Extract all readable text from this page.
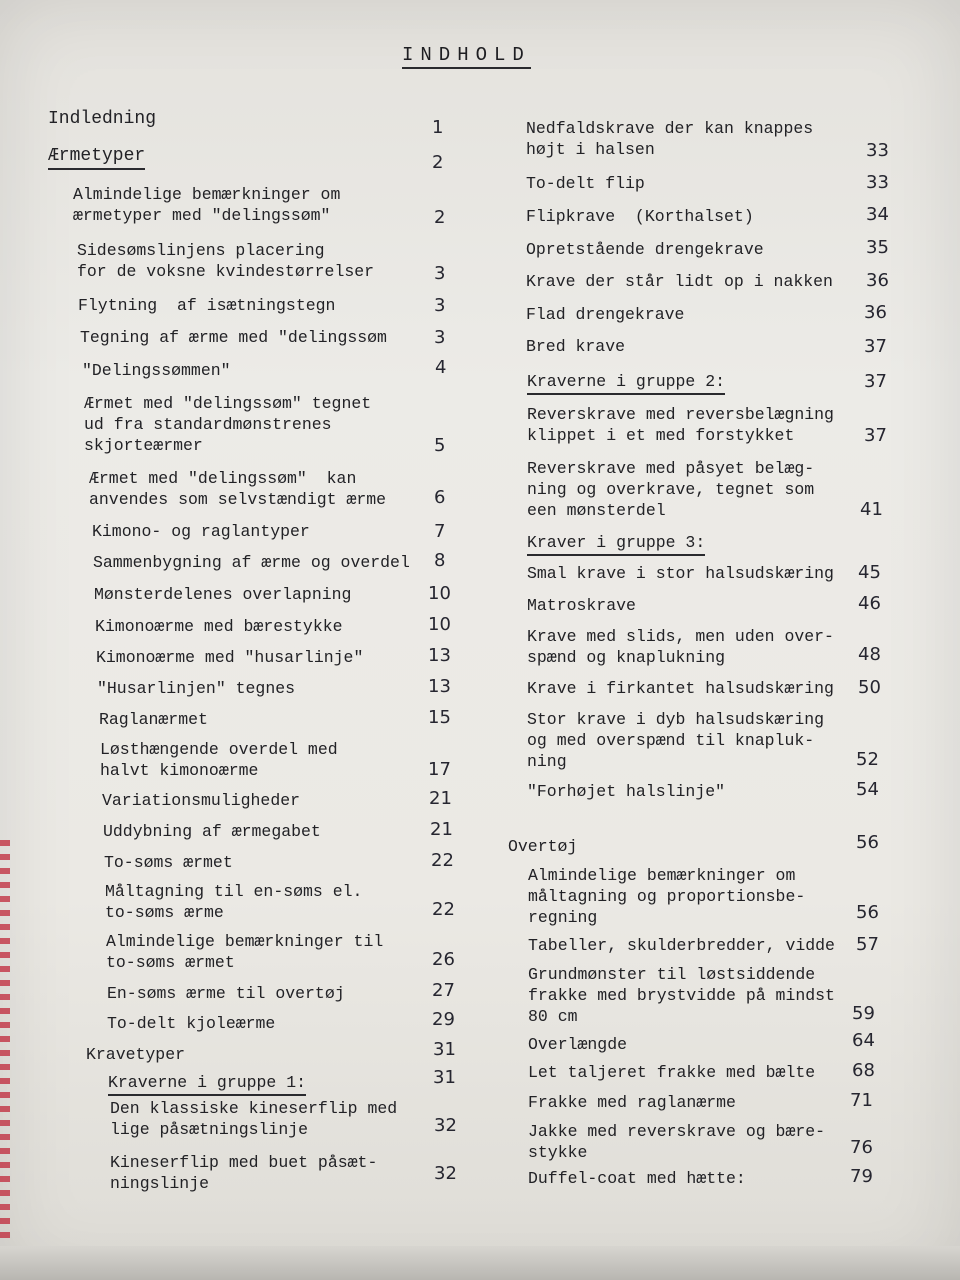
INDHOLD
Indledning	1
Ærmetyper	2
Almindelige bemærkninger om
ærmetyper med "delingssøm"	2
Sidesømslinjens placering
for de voksne kvindestørrelser	3
Flytning  af isætningstegn	3
Tegning af ærme med "delingssøm	3
"Delingssømmen"	4
Ærmet med "delingssøm" tegnet
ud fra standardmønstrenes
skjorteærmer	5
Ærmet med "delingssøm"  kan
anvendes som selvstændigt ærme	6
Kimono- og raglantyper	7
Sammenbygning af ærme og overdel 8
Mønsterdelenes overlapning	10
Kimonoærme med bærestykke	10
Kimonoærme med "husarlinje"	13
"Husarlinjen" tegnes	13
Raglanærmet	15
Løsthængende overdel med
halvt kimonoærme	17
Variationsmuligheder	21
Uddybning af ærmegabet	21
To-søms ærmet	22
Måltagning til en-søms el.
to-søms ærme	22
Almindelige bemærkninger til
to-søms ærmet	26
En-søms ærme til overtøj	27
To-delt kjoleærme	29
Kravetyper	31
Kraverne i gruppe 1:	31
Den klassiske kineserflip med
lige påsætningslinje	32
Kineserflip med buet påsæt-
ningslinje	32
Nedfaldskrave der kan knappes
højt i halsen	33
To-delt flip	33
Flipkrave  (Korthalset)	34
Opretstående drengekrave	35
Krave der står lidt op i nakken 36
Flad drengekrave	36
Bred krave	37
Kraverne i gruppe 2:	37
Reverskrave med reversbelægning
klippet i et med forstykket	37
Reverskrave med påsyet belæg-
ning og overkrave, tegnet som
een mønsterdel	41
Kraver i gruppe 3:
Smal krave i stor halsudskæring 45
Matroskrave	46
Krave med slids, men uden over-
spænd og knaplukning	48
Krave i firkantet halsudskæring 50
Stor krave i dyb halsudskæring
og med overspænd til knapluk-
ning	52
"Forhøjet halslinje"	54
Overtøj	56
Almindelige bemærkninger om
måltagning og proportionsbe-
regning	56
Tabeller, skulderbredder, vidde 57
Grundmønster til løstsiddende
frakke med brystvidde på mindst
80 cm	59
Overlængde	64
Let taljeret frakke med bælte 68
Frakke med raglanærme	71
Jakke med reverskrave og bære-
stykke	76
Duffel-coat med hætte:	79
